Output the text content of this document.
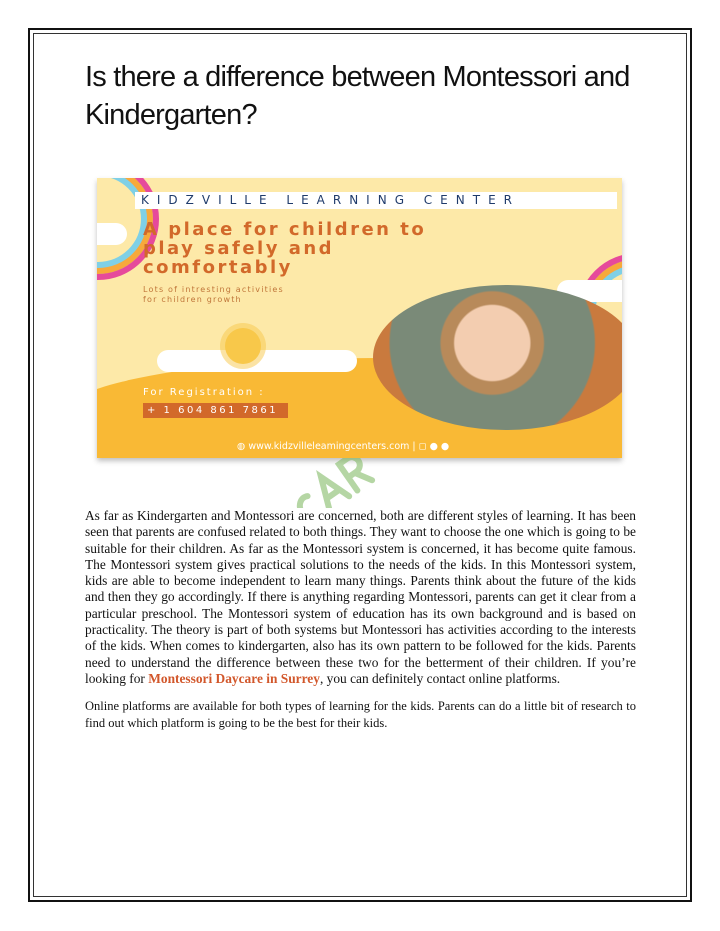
Is there a difference between Montessori and Kindergarten?
KIDZVILLE LEARNING CENTER
A place for children to play safely and comfortably
Lots of intresting activities
for children growth
For Registration :
+ 1 604 861 7861
◍ www.kidzvilleleamingcenters.com | ◻ ● ●

As far as Kindergarten and Montessori are concerned, both are different styles of learning. It has been seen that parents are confused related to both things. They want to choose the one which is going to be suitable for their children. As far as the Montessori system is concerned, it has become quite famous. The Montessori system gives practical solutions to the needs of the kids. In this Montessori system, kids are able to become independent to learn many things. Parents think about the future of the kids and then they go accordingly. If there is anything regarding Montessori, parents can get it clear from a particular preschool. The Montessori system of education has its own background and is based on practicality. The theory is part of both systems but Montessori has activities according to the interests of the kids. When comes to kindergarten, also has its own pattern to be followed for the kids. Parents need to understand the difference between these two for the betterment of their children. If you’re looking for Montessori Daycare in Surrey, you can definitely contact online platforms.

Online platforms are available for both types of learning for the kids. Parents can do a little bit of research to find out which platform is going to be the best for their kids.
